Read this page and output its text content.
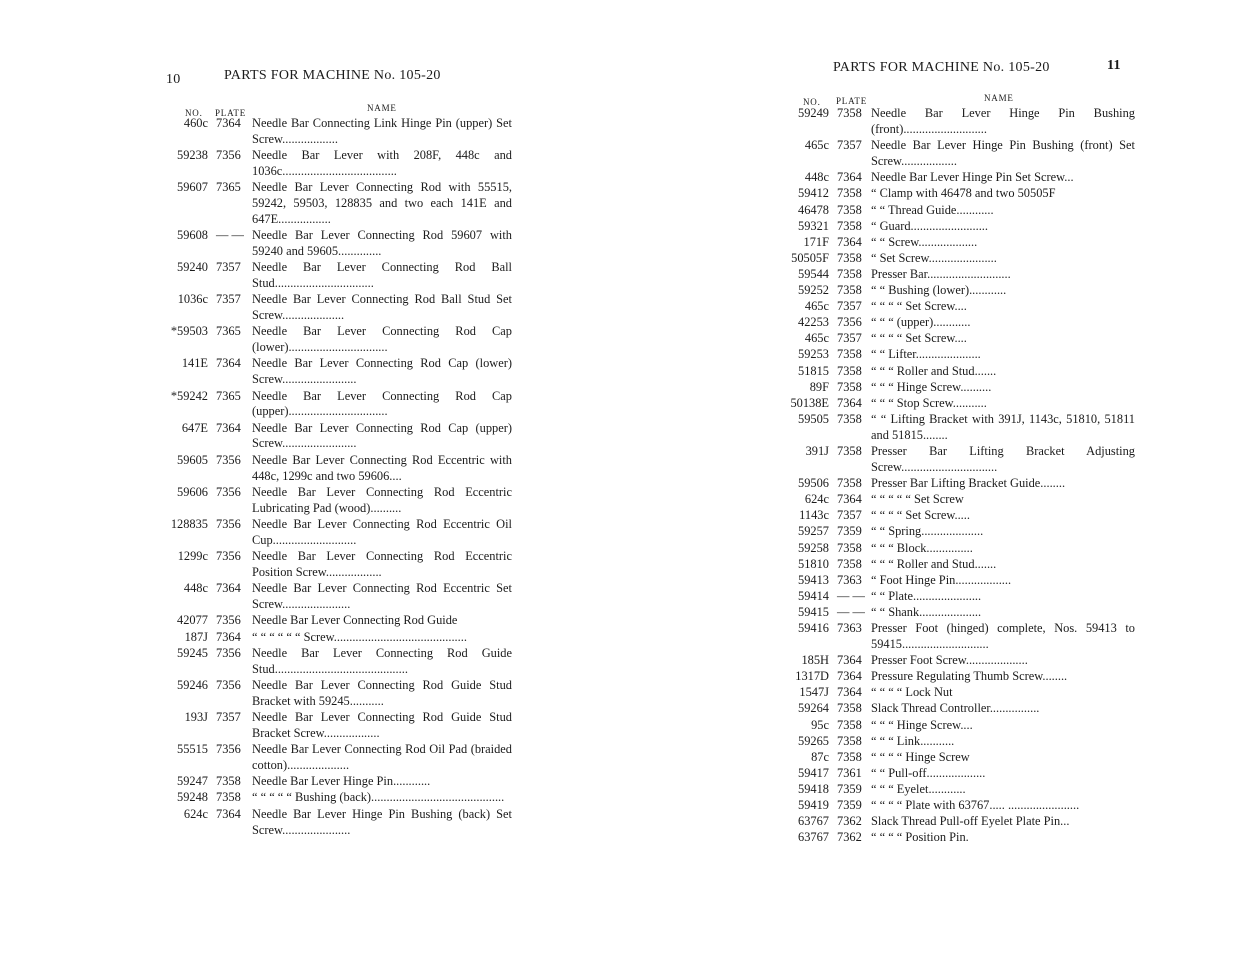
10	PARTS FOR MACHINE No. 105-20
NO. PLATE	NAME
460c 7364 Needle Bar Connecting Link Hinge Pin (upper) Set Screw..................
59238 7356 Needle Bar Lever with 208F, 448c and 1036c.....................................
59607 7365 Needle Bar Lever Connecting Rod with 55515, 59242, 59503, 128835 and two each 141E and 647E.................
59608 — — Needle Bar Lever Connecting Rod 59607 with 59240 and 59605..............
59240 7357 Needle Bar Lever Connecting Rod Ball Stud................................
1036c 7357 Needle Bar Lever Connecting Rod Ball Stud Set Screw....................
*59503 7365 Needle Bar Lever Connecting Rod Cap (lower)................................
141E 7364 Needle Bar Lever Connecting Rod Cap (lower) Screw........................
*59242 7365 Needle Bar Lever Connecting Rod Cap (upper)................................
647E 7364 Needle Bar Lever Connecting Rod Cap (upper) Screw........................
59605 7356 Needle Bar Lever Connecting Rod Eccentric with 448c, 1299c and two 59606....
59606 7356 Needle Bar Lever Connecting Rod Eccentric Lubricating Pad (wood)..........
128835 7356 Needle Bar Lever Connecting Rod Eccentric Oil Cup...........................
1299c 7356 Needle Bar Lever Connecting Rod Eccentric Position Screw..................
448c 7364 Needle Bar Lever Connecting Rod Eccentric Set Screw......................
42077 7356 Needle Bar Lever Connecting Rod Guide
187J 7364 “ “ “ “ “ “ Screw...........................................
59245 7356 Needle Bar Lever Connecting Rod Guide Stud...........................................
59246 7356 Needle Bar Lever Connecting Rod Guide Stud Bracket with 59245...........
193J 7357 Needle Bar Lever Connecting Rod Guide Stud Bracket Screw..................
55515 7356 Needle Bar Lever Connecting Rod Oil Pad (braided cotton)....................
59247 7358 Needle Bar Lever Hinge Pin............
59248 7358 “ “ “ “ “ Bushing (back)...........................................
624c 7364 Needle Bar Lever Hinge Pin Bushing (back) Set Screw......................
PARTS FOR MACHINE No. 105-20	11
NO. PLATE	NAME
59249 7358 Needle Bar Lever Hinge Pin Bushing (front)...........................
465c 7357 Needle Bar Lever Hinge Pin Bushing (front) Set Screw..................
448c 7364 Needle Bar Lever Hinge Pin Set Screw...
59412 7358 “ Clamp with 46478 and two 50505F
46478 7358 “ “ Thread Guide............
59321 7358 “ Guard.........................
171F 7364 “ “ Screw...................
50505F 7358 “ Set Screw......................
59544 7358 Presser Bar...........................
59252 7358 “ “ Bushing (lower)............
465c 7357 “ “ “ “ Set Screw....
42253 7356 “ “ “ (upper)............
465c 7357 “ “ “ “ Set Screw....
59253 7358 “ “ Lifter.....................
51815 7358 “ “ “ Roller and Stud.......
89F 7358 “ “ “ Hinge Screw..........
50138E 7364 “ “ “ Stop Screw...........
59505 7358 “ “ Lifting Bracket with 391J, 1143c, 51810, 51811 and 51815........
391J 7358 Presser Bar Lifting Bracket Adjusting Screw...............................
59506 7358 Presser Bar Lifting Bracket Guide........
624c 7364 “ “ “ “ “ Set Screw
1143c 7357 “ “ “ “ Set Screw.....
59257 7359 “ “ Spring....................
59258 7358 “ “ “ Block...............
51810 7358 “ “ “ Roller and Stud.......
59413 7363 “ Foot Hinge Pin..................
59414 — — “ “ Plate......................
59415 — — “ “ Shank....................
59416 7363 Presser Foot (hinged) complete, Nos. 59413 to 59415............................
185H 7364 Presser Foot Screw....................
1317D 7364 Pressure Regulating Thumb Screw........
1547J 7364 “ “ “ “ Lock Nut
59264 7358 Slack Thread Controller................
95c 7358 “ “ “ Hinge Screw....
59265 7358 “ “ “ Link...........
87c 7358 “ “ “ “ Hinge Screw
59417 7361 “ “ Pull-off...................
59418 7359 “ “ “ Eyelet............
59419 7359 “ “ “ “ Plate with 63767..... .......................
63767 7362 Slack Thread Pull-off Eyelet Plate Pin...
63767 7362 “ “ “ “ Position Pin.
